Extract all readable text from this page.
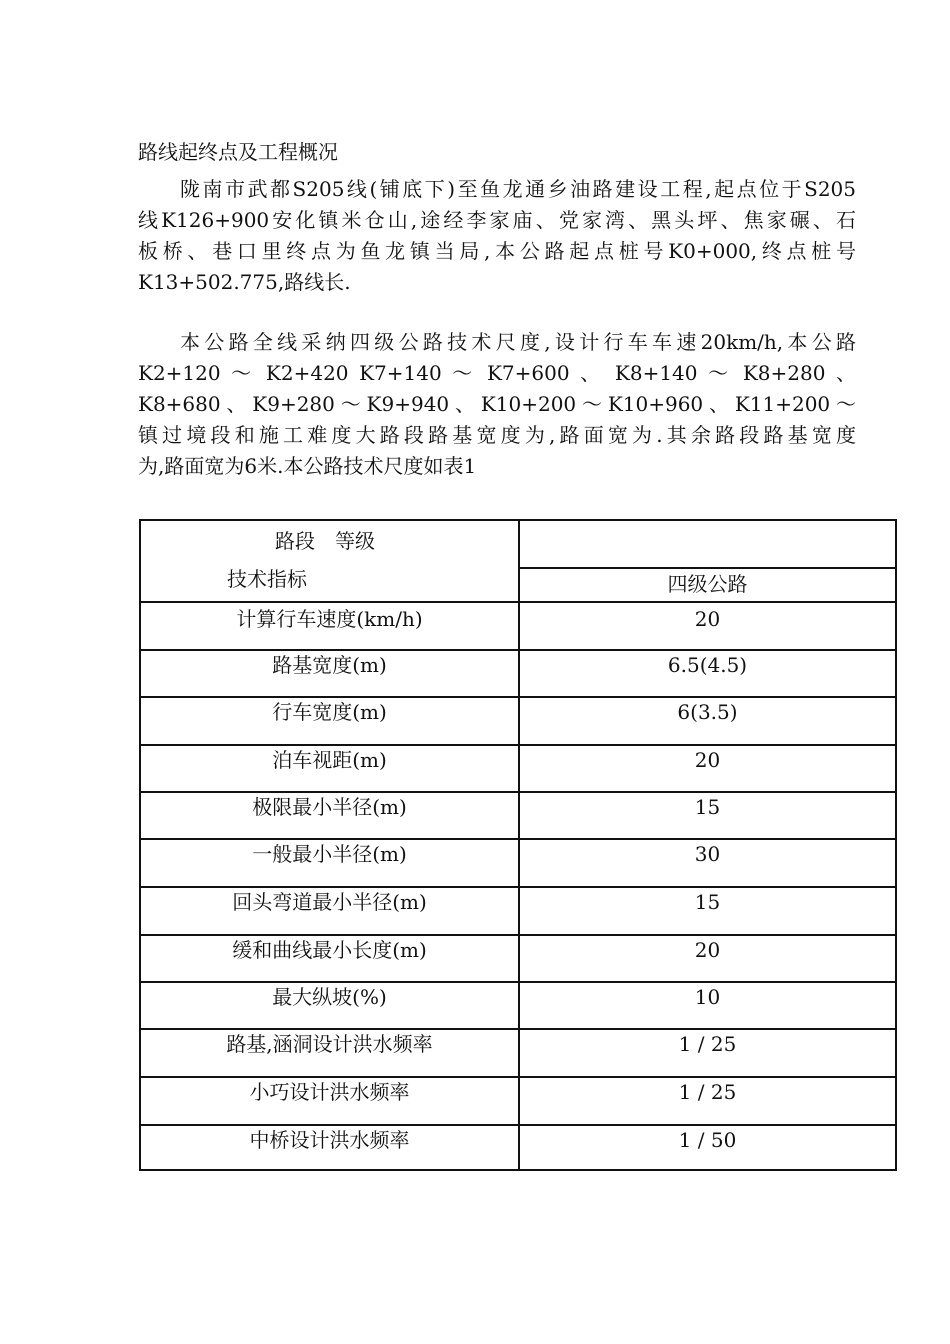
路线起终点及工程概况
陇南市武都S205线(铺底下)至鱼龙通乡油路建设工程,起点位于S205
线K126+900安化镇米仓山,途经李家庙、党家湾、黑头坪、焦家碾、石
板桥、巷口里终点为鱼龙镇当局,本公路起点桩号K0+000,终点桩号
K13+502.775,路线长.
本公路全线采纳四级公路技术尺度,设计行车车速20km/h,本公路
K2+120 ～ K2+420 K7+140 ～ K7+600 、 K8+140 ～ K8+280 、
K8+680、K9+280～K9+940、K10+200～K10+960、K11+200～
镇过境段和施工难度大路段路基宽度为,路面宽为.其余路段路基宽度
为,路面宽为6米.本公路技术尺度如表1
路段　等级
技术指标	四级公路

计算行车速度(km/h)	20

路基宽度(m)	6.5(4.5)

行车宽度(m)	6(3.5)

泊车视距(m)	20

极限最小半径(m)	15

一般最小半径(m)	30

回头弯道最小半径(m)	15

缓和曲线最小长度(m)	20

最大纵坡(%)	10

路基,涵洞设计洪水频率	1 / 25

小巧设计洪水频率	1 / 25

中桥设计洪水频率	1 / 50
